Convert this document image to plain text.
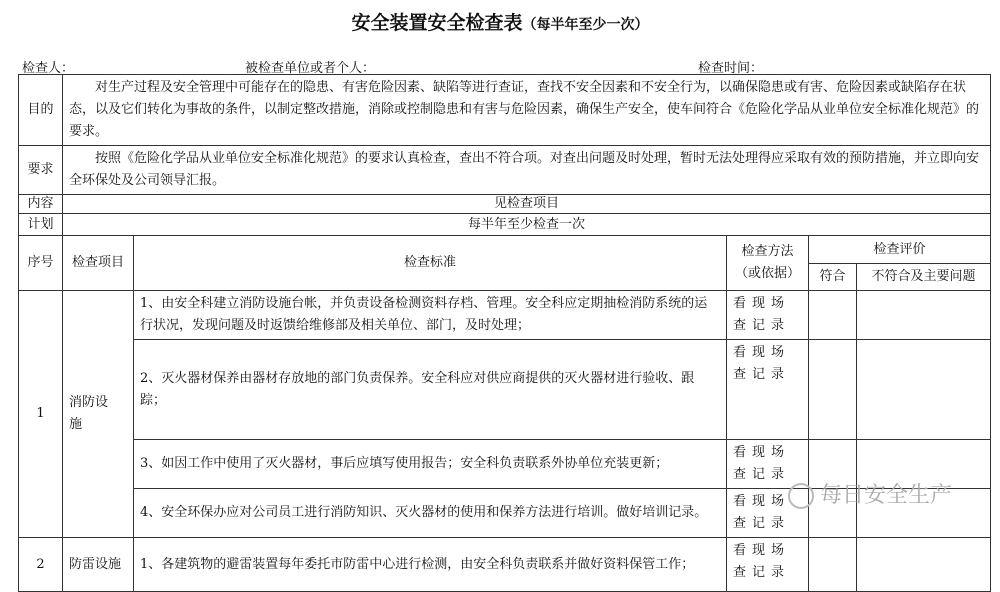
安全装置安全检查表（每半年至少一次）
检查人：	被检查单位或者个人：	检查时间：
目的	对生产过程及安全管理中可能存在的隐患、有害危险因素、缺陷等进行查证，查找不安全因素和不安全行为，以确保隐患或有害、危险因素或缺陷存在状态，以及它们转化为事故的条件，以制定整改措施，消除或控制隐患和有害与危险因素，确保生产安全，使车间符合《危险化学品从业单位安全标准化规范》的要求。				
要求	按照《危险化学品从业单位安全标准化规范》的要求认真检查，查出不符合项。对查出问题及时处理，暂时无法处理得应采取有效的预防措施，并立即向安全环保处及公司领导汇报。				
内容	见检查项目				
计划	每半年至少检查一次				
序号	检查项目	检查标准	检查方法（或依据）	检查评价	
				符合	不符合及主要问题
1	消防设施	1、由安全科建立消防设施台帐，并负责设备检测资料存档、管理。安全科应定期抽检消防系统的运行状况，发现问题及时返馈给维修部及相关单位、部门，及时处理；	看现场查记录		
		2、灭火器材保养由器材存放地的部门负责保养。安全科应对供应商提供的灭火器材进行验收、跟踪；	看现场查记录		
		3、如因工作中使用了灭火器材，事后应填写使用报告；安全科负责联系外协单位充装更新；	看现场查记录		
		4、安全环保办应对公司员工进行消防知识、灭火器材的使用和保养方法进行培训。做好培训记录。	看现场查记录		
2	防雷设施	1、各建筑物的避雷装置每年委托市防雷中心进行检测，由安全科负责联系并做好资料保管工作；	看现场查记录		
每日安全生产
